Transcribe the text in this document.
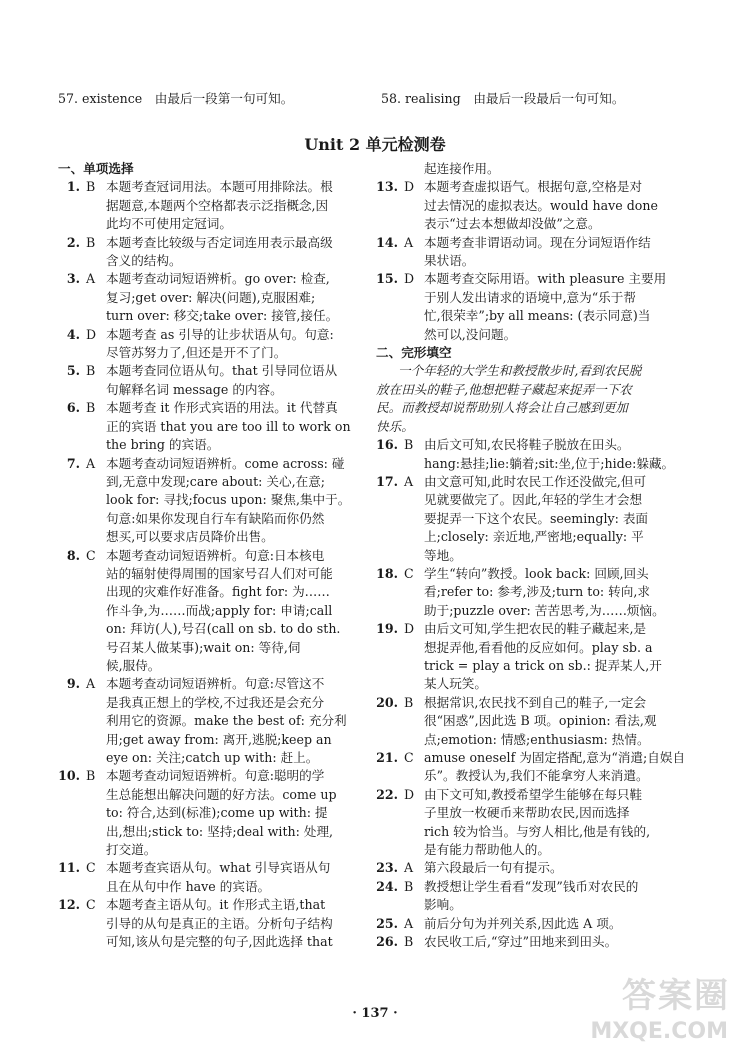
57. existence　由最后一段第一句可知。	58. realising　由最后一段最后一句可知。
Unit 2 单元检测卷
一、单项选择
1. B 本题考查冠词用法。本题可用排除法。根
据题意,本题两个空格都表示泛指概念,因
此均不可使用定冠词。
2. B 本题考查比较级与否定词连用表示最高级
含义的结构。
3. A 本题考查动词短语辨析。go over: 检查,
复习;get over: 解决(问题),克服困难;
turn over: 移交;take over: 接管,接任。
4. D 本题考查 as 引导的让步状语从句。句意:
尽管苏努力了,但还是开不了门。
5. B 本题考查同位语从句。that 引导同位语从
句解释名词 message 的内容。
6. B 本题考查 it 作形式宾语的用法。it 代替真
正的宾语 that you are too ill to work on
the bring 的宾语。
7. A 本题考查动词短语辨析。come across: 碰
到,无意中发现;care about: 关心,在意;
look for: 寻找;focus upon: 聚焦,集中于。
句意:如果你发现自行车有缺陷而你仍然
想买,可以要求店员降价出售。
8. C 本题考查动词短语辨析。句意:日本核电
站的辐射使得周围的国家号召人们对可能
出现的灾难作好准备。fight for: 为……
作斗争,为……而战;apply for: 申请;call
on: 拜访(人),号召(call on sb. to do sth.
号召某人做某事);wait on: 等待,伺
候,服侍。
9. A 本题考查动词短语辨析。句意:尽管这不
是我真正想上的学校,不过我还是会充分
利用它的资源。make the best of: 充分利
用;get away from: 离开,逃脱;keep an
eye on: 关注;catch up with: 赶上。
10. B 本题考查动词短语辨析。句意:聪明的学
生总能想出解决问题的好方法。come up
to: 符合,达到(标准);come up with: 提
出,想出;stick to: 坚持;deal with: 处理,
打交道。
11. C 本题考查宾语从句。what 引导宾语从句
且在从句中作 have 的宾语。
12. C 本题考查主语从句。it 作形式主语,that
引导的从句是真正的主语。分析句子结构
可知,该从句是完整的句子,因此选择 that
起连接作用。
13. D 本题考查虚拟语气。根据句意,空格是对
过去情况的虚拟表达。would have done
表示“过去本想做却没做”之意。
14. A 本题考查非谓语动词。现在分词短语作结
果状语。
15. D 本题考查交际用语。with pleasure 主要用
于别人发出请求的语境中,意为“乐于帮
忙,很荣幸”;by all means: (表示同意)当
然可以,没问题。
二、完形填空
一个年轻的大学生和教授散步时,看到农民脱
放在田头的鞋子,他想把鞋子藏起来捉弄一下农
民。而教授却说帮助别人将会让自己感到更加
快乐。
16. B 由后文可知,农民将鞋子脱放在田头。
hang:悬挂;lie:躺着;sit:坐,位于;hide:躲藏。
17. A 由文意可知,此时农民工作还没做完,但可
见就要做完了。因此,年轻的学生才会想
要捉弄一下这个农民。seemingly: 表面
上;closely: 亲近地,严密地;equally: 平
等地。
18. C 学生“转向”教授。look back: 回顾,回头
看;refer to: 参考,涉及;turn to: 转向,求
助于;puzzle over: 苦苦思考,为……烦恼。
19. D 由后文可知,学生把农民的鞋子藏起来,是
想捉弄他,看看他的反应如何。play sb. a
trick = play a trick on sb.: 捉弄某人,开
某人玩笑。
20. B 根据常识,农民找不到自己的鞋子,一定会
很“困惑”,因此选 B 项。opinion: 看法,观
点;emotion: 情感;enthusiasm: 热情。
21. C amuse oneself 为固定搭配,意为“消遣;自娱自
乐”。教授认为,我们不能拿穷人来消遣。
22. D 由下文可知,教授希望学生能够在每只鞋
子里放一枚硬币来帮助农民,因而选择
rich 较为恰当。与穷人相比,他是有钱的,
是有能力帮助他人的。
23. A 第六段最后一句有提示。
24. B 教授想让学生看看“发现”钱币对农民的
影响。
25. A 前后分句为并列关系,因此选 A 项。
26. B 农民收工后,“穿过”田地来到田头。
· 137 ·	答案圈
MXQE.COM
